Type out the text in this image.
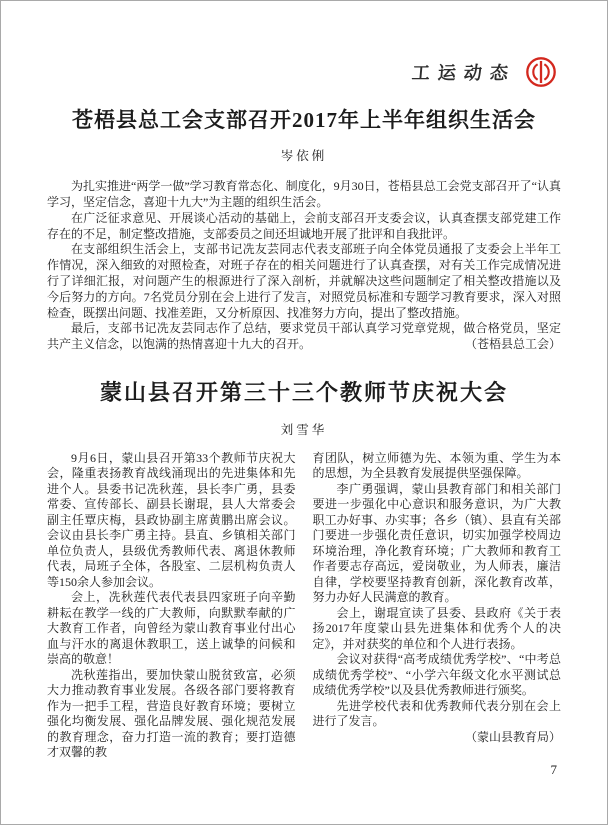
工运动态
苍梧县总工会支部召开2017年上半年组织生活会
岑依俐

为扎实推进“两学一做”学习教育常态化、制度化，9月30日，苍梧县总工会党支部召开了“认真学习，坚定信念，喜迎十九大”为主题的组织生活会。

在广泛征求意见、开展谈心活动的基础上，会前支部召开支委会议，认真查摆支部党建工作存在的不足，制定整改措施，支部委员之间还坦诚地开展了批评和自我批评。

在支部组织生活会上，支部书记冼友芸同志代表支部班子向全体党员通报了支委会上半年工作情况，深入细致的对照检查，对班子存在的相关问题进行了认真查摆，对有关工作完成情况进行了详细汇报，对问题产生的根源进行了深入剖析，并就解决这些问题制定了相关整改措施以及今后努力的方向。7名党员分别在会上进行了发言，对照党员标准和专题学习教育要求，深入对照检查，既摆出问题、找准差距，又分析原因、找准努力方向，提出了整改措施。

最后，支部书记冼友芸同志作了总结，要求党员干部认真学习党章党规，做合格党员，坚定共产主义信念，以饱满的热情喜迎十九大的召开。	（苍梧县总工会）
蒙山县召开第三十三个教师节庆祝大会
刘雪华

9月6日，蒙山县召开第33个教师节庆祝大会，隆重表扬教育战线涌现出的先进集体和先进个人。县委书记冼秋莲，县长李广勇，县委常委、宣传部长、副县长谢琨，县人大常委会副主任覃庆梅，县政协副主席黄鹏出席会议。会议由县长李广勇主持。县直、乡镇相关部门单位负责人，县级优秀教师代表、离退休教师代表，局班子全体，各股室、二层机构负责人等150余人参加会议。

会上，冼秋莲代表代表县四家班子向辛勤耕耘在教学一线的广大教师，向默默奉献的广大教育工作者，向曾经为蒙山教育事业付出心血与汗水的离退休教职工，送上诚挚的问候和崇高的敬意！

冼秋莲指出，要加快蒙山脱贫致富，必须大力推动教育事业发展。各级各部门要将教育作为一把手工程，营造良好教育环境；要树立强化均衡发展、强化品牌发展、强化规范发展的教育理念，奋力打造一流的教育；要打造德才双馨的教

育团队，树立师德为先、本领为重、学生为本的思想，为全县教育发展提供坚强保障。

李广勇强调，蒙山县教育部门和相关部门要进一步强化中心意识和服务意识，为广大教职工办好事、办实事；各乡（镇）、县直有关部门要进一步强化责任意识，切实加强学校周边环境治理，净化教育环境；广大教师和教育工作者要志存高远，爱岗敬业，为人师表，廉洁自律，学校要坚持教育创新，深化教育改革，努力办好人民满意的教育。

会上，谢琨宣读了县委、县政府《关于表扬2017年度蒙山县先进集体和优秀个人的决定》，并对获奖的单位和个人进行表扬。

会议对获得“高考成绩优秀学校”、“中考总成绩优秀学校”、“小学六年级文化水平测试总成绩优秀学校”以及县优秀教师进行颁奖。

先进学校代表和优秀教师代表分别在会上进行了发言。

（蒙山县教育局）
7
